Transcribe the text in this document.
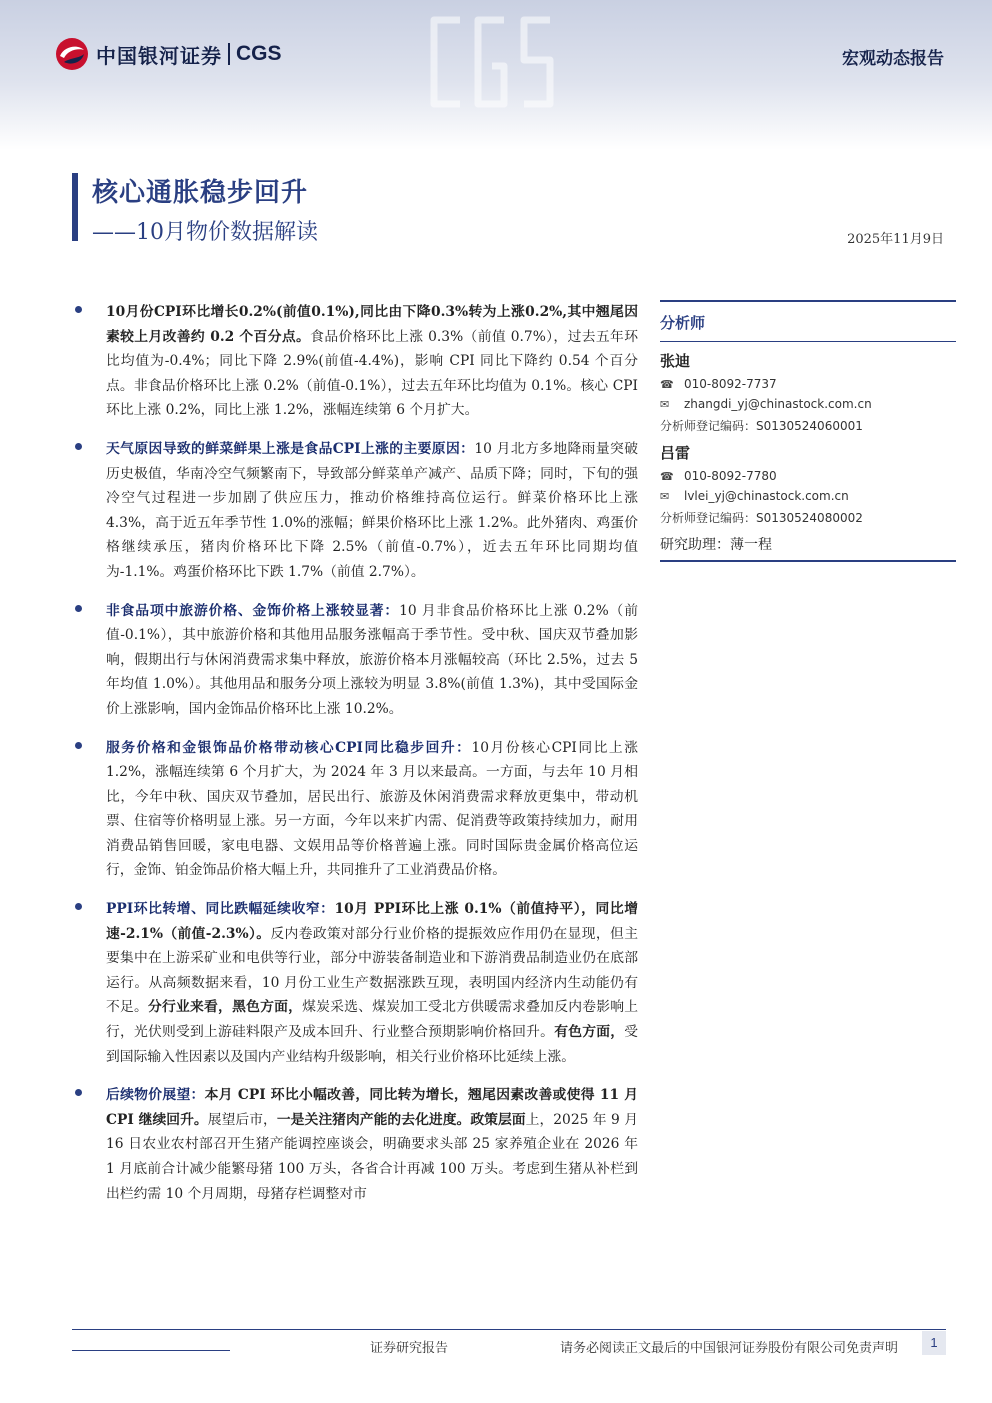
中国银河证券 CGS	宏观动态报告
核心通胀稳步回升
——10月物价数据解读	2025年11月9日
10月份CPI环比增长0.2%(前值0.1%),同比由下降0.3%转为上涨0.2%,其中翘尾因素较上月改善约 0.2 个百分点。食品价格环比上涨 0.3%（前值 0.7%），过去五年环比均值为-0.4%；同比下降 2.9%(前值-4.4%)，影响 CPI 同比下降约 0.54 个百分点。非食品价格环比上涨 0.2%（前值-0.1%），过去五年环比均值为 0.1%。核心 CPI 环比上涨 0.2%，同比上涨 1.2%，涨幅连续第 6 个月扩大。
天气原因导致的鲜菜鲜果上涨是食品CPI上涨的主要原因：10 月北方多地降雨量突破历史极值，华南冷空气频繁南下，导致部分鲜菜单产减产、品质下降；同时，下旬的强冷空气过程进一步加剧了供应压力，推动价格维持高位运行。鲜菜价格环比上涨 4.3%，高于近五年季节性 1.0%的涨幅；鲜果价格环比上涨 1.2%。此外猪肉、鸡蛋价格继续承压，猪肉价格环比下降 2.5%（前值-0.7%），近去五年环比同期均值为-1.1%。鸡蛋价格环比下跌 1.7%（前值 2.7%）。
非食品项中旅游价格、金饰价格上涨较显著：10 月非食品价格环比上涨 0.2%（前值-0.1%），其中旅游价格和其他用品服务涨幅高于季节性。受中秋、国庆双节叠加影响，假期出行与休闲消费需求集中释放，旅游价格本月涨幅较高（环比 2.5%，过去 5 年均值 1.0%）。其他用品和服务分项上涨较为明显 3.8%(前值 1.3%)，其中受国际金价上涨影响，国内金饰品价格环比上涨 10.2%。
服务价格和金银饰品价格带动核心CPI同比稳步回升：10月份核心CPI同比上涨 1.2%，涨幅连续第 6 个月扩大，为 2024 年 3 月以来最高。一方面，与去年 10 月相比，今年中秋、国庆双节叠加，居民出行、旅游及休闲消费需求释放更集中，带动机票、住宿等价格明显上涨。另一方面，今年以来扩内需、促消费等政策持续加力，耐用消费品销售回暖，家电电器、文娱用品等价格普遍上涨。同时国际贵金属价格高位运行，金饰、铂金饰品价格大幅上升，共同推升了工业消费品价格。
PPI环比转增、同比跌幅延续收窄：10月 PPI环比上涨 0.1%（前值持平），同比增速-2.1%（前值-2.3%）。反内卷政策对部分行业价格的提振效应作用仍在显现，但主要集中在上游采矿业和电供等行业，部分中游装备制造业和下游消费品制造业仍在底部运行。从高频数据来看，10 月份工业生产数据涨跌互现，表明国内经济内生动能仍有不足。分行业来看，黑色方面，煤炭采选、煤炭加工受北方供暖需求叠加反内卷影响上行，光伏则受到上游硅料限产及成本回升、行业整合预期影响价格回升。有色方面，受到国际输入性因素以及国内产业结构升级影响，相关行业价格环比延续上涨。
后续物价展望：本月 CPI 环比小幅改善，同比转为增长，翘尾因素改善或使得 11 月 CPI 继续回升。展望后市，一是关注猪肉产能的去化进度。政策层面上，2025 年 9 月 16 日农业农村部召开生猪产能调控座谈会，明确要求头部 25 家养殖企业在 2026 年 1 月底前合计减少能繁母猪 100 万头，各省合计再减 100 万头。考虑到生猪从补栏到出栏约需 10 个月周期，母猪存栏调整对市
分析师
张迪
☎ 010-8092-7737
✉	zhangdi_yj@chinastock.com.cn
分析师登记编码：S0130524060001
吕雷
☎ 010-8092-7780
✉	lvlei_yj@chinastock.com.cn
分析师登记编码：S0130524080002
研究助理：薄一程
证券研究报告	请务必阅读正文最后的中国银河证券股份有限公司免责声明	1
